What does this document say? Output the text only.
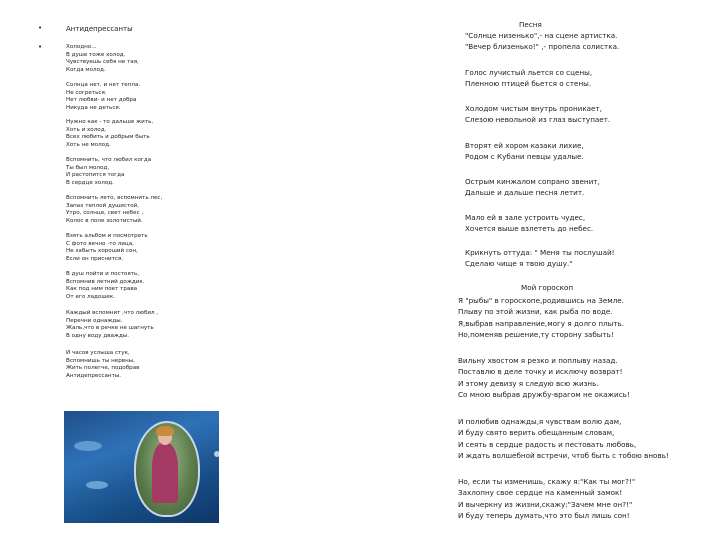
•	Антидепрессанты
•	Холодно...
В душе тоже холод.
Чувствуешь себя не тая,
Когда молод.
Солнца нет, и нет тепла.
Не согреться.
Нет любви- и нет добра
Никуда не деться.
Нужно как - то дальше жить,
Хоть и холод.
Всех любить и добрым быть
Хоть не молод.
Вспомнить, что любил когда
Ты был молод,
И растопится тогда
В сердце холод.
Вспомнить лето, вспомнить лес,
Запах теплой душистой,
Утро, солнце, свет небес ,
Колос в поле золотистый.
Взять альбом и посмотреть
С фото вечно -то лица,
Не забыть хороший сон,
Если он приснится.
В душ пойти и постоять,
Вспомнив летний дождик.
Как под ним поет трава
От его ладошек.
Каждый вспомнит ,что любил ,
Перечни однажды.
Жаль,что в речке не шагнуть
В одну воду дважды.
И часов услыша стук,
Вспомнишь ты нервны,
Жить полегче, подобрав
Антидепрессанты.
Песня
"Солнце низенько",- на сцене артистка.
"Вечер близенько!" ,- пропела солистка.
Голос лучистый льется со сцены,
Пленною птицей бьется о стены.
Холодом чистым внутрь проникает,
Слезою невольной из глаз выступает.
Вторят ей хором казаки лихие,
Родом с Кубани певцы удалые.
Острым кинжалом сопрано звенит,
Дальше и дальше песня летит.
Мало ей в зале устроить чудес,
Хочется выше взлететь до небес.
Крикнуть оттуда: " Меня ты послушай!
Сделаю чище я твою душу."
Мой гороскоп
Я "рыбы" в гороскопе,родившись на Земле.
Плыву по этой жизни, как рыба по воде.
Я,выбрав направление,могу я долго плыть.
Но,поменяв решение,ту сторону забыть!
Вильну хвостом я резко и поплыву назад.
Поставлю в деле точку и исключу возврат!
И этому девизу я следую всю жизнь.
Со мною выбрав дружбу-врагом не окажись!
И полюбив однажды,я чувствам волю дам,
И буду свято верить обещанным словам,
И сеять в сердце радость и пестовать любовь,
И ждать волшебной встречи, чтоб быть с тобою вновь!
Но, если ты изменишь, скажу я:"Как ты мог?!"
Захлопну свое сердце на каменный замок!
И вычеркну из жизни,скажу:"Зачем мне он?!"
И буду теперь думать,что это был лишь сон!
